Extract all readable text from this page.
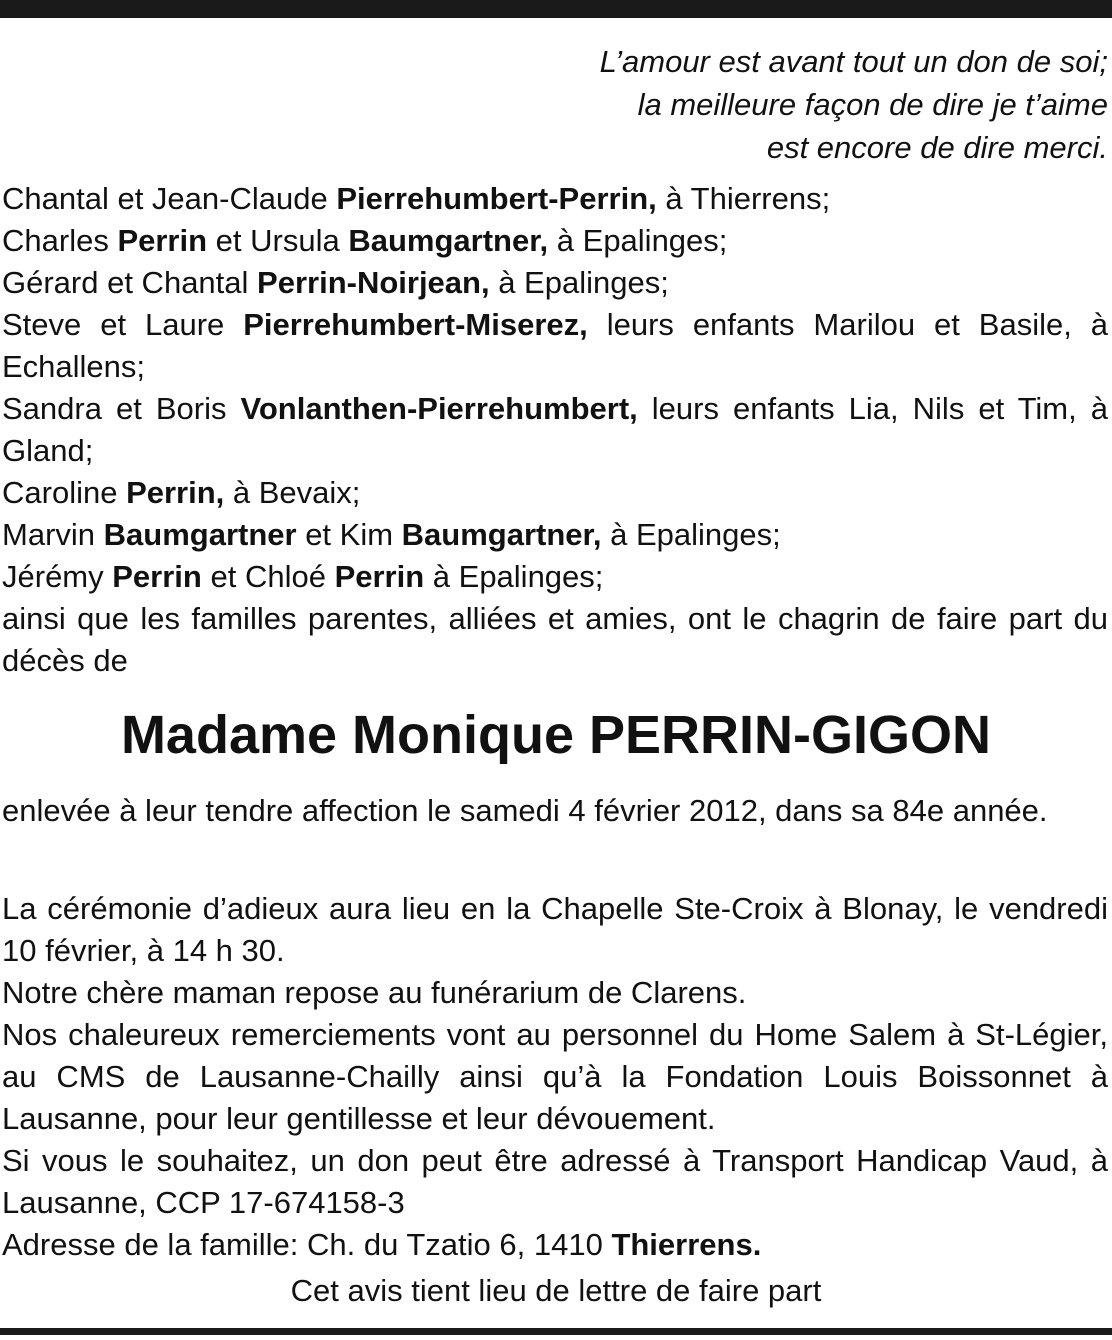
L’amour est avant tout un don de soi;
la meilleure façon de dire je t’aime
est encore de dire merci.
Chantal et Jean-Claude Pierrehumbert-Perrin, à Thierrens;
Charles Perrin et Ursula Baumgartner, à Epalinges;
Gérard et Chantal Perrin-Noirjean, à Epalinges;
Steve et Laure Pierrehumbert-Miserez, leurs enfants Marilou et Basile, à Echallens;
Sandra et Boris Vonlanthen-Pierrehumbert, leurs enfants Lia, Nils et Tim, à Gland;
Caroline Perrin, à Bevaix;
Marvin Baumgartner et Kim Baumgartner, à Epalinges;
Jérémy Perrin et Chloé Perrin à Epalinges;
ainsi que les familles parentes, alliées et amies, ont le chagrin de faire part du décès de
Madame Monique PERRIN-GIGON
enlevée à leur tendre affection le samedi 4 février 2012, dans sa 84e année.
La cérémonie d’adieux aura lieu en la Chapelle Ste-Croix à Blonay, le vendredi 10 février, à 14 h 30.
Notre chère maman repose au funérarium de Clarens.
Nos chaleureux remerciements vont au personnel du Home Salem à St-Légier, au CMS de Lausanne-Chailly ainsi qu’à la Fondation Louis Boissonnet à Lausanne, pour leur gentillesse et leur dévouement.
Si vous le souhaitez, un don peut être adressé à Transport Handicap Vaud, à Lausanne, CCP 17-674158-3
Adresse de la famille: Ch. du Tzatio 6, 1410 Thierrens.
Cet avis tient lieu de lettre de faire part
